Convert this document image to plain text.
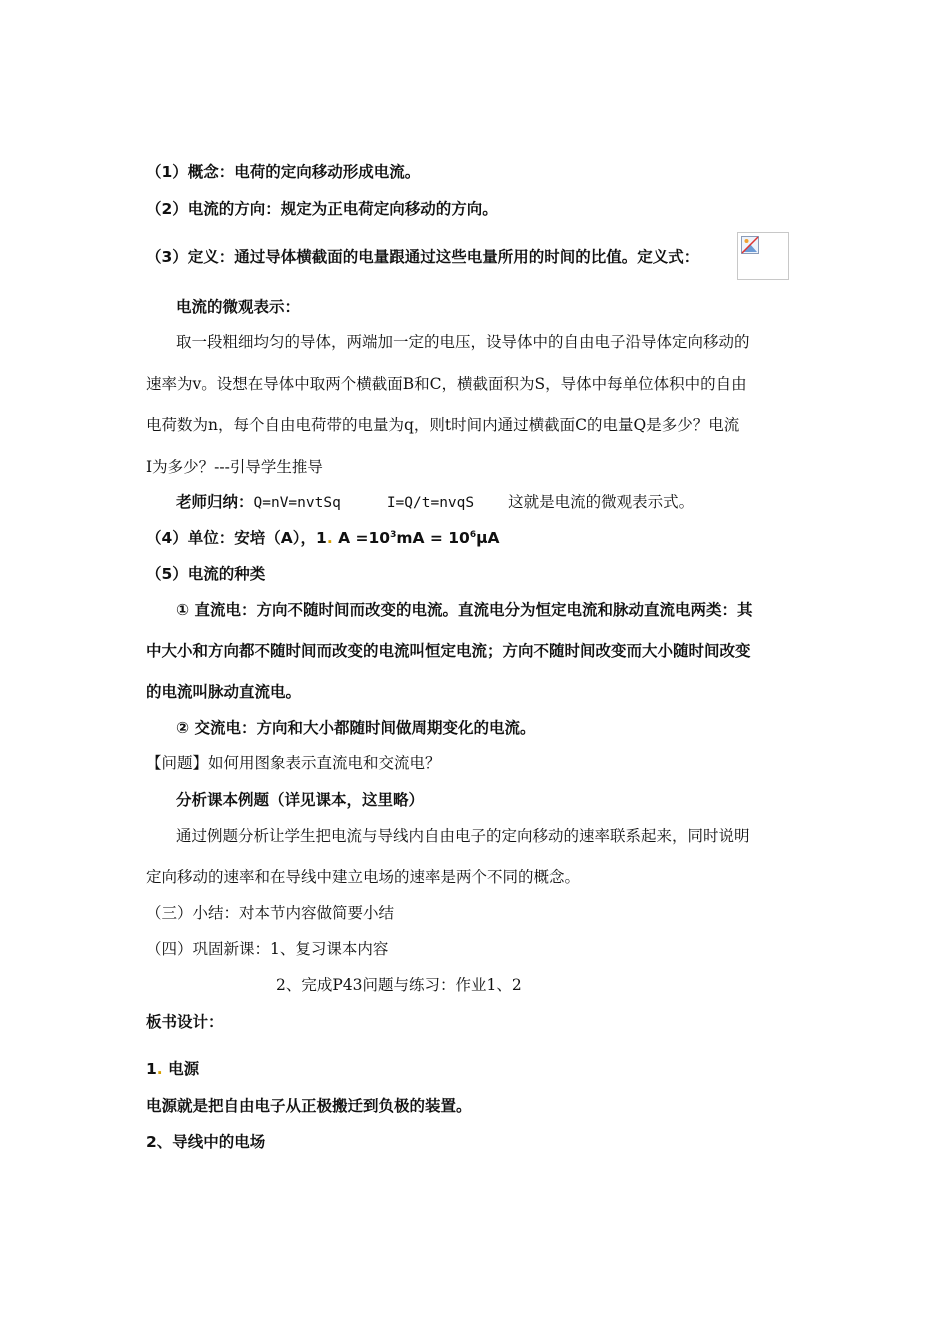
（1）概念：电荷的定向移动形成电流。
（2）电流的方向：规定为正电荷定向移动的方向。
（3）定义：通过导体横截面的电量跟通过这些电量所用的时间的比值。定义式：
电流的微观表示：
取一段粗细均匀的导体，两端加一定的电压，设导体中的自由电子沿导体定向移动的
速率为v。设想在导体中取两个横截面B和C，横截面积为S，导体中每单位体积中的自由
电荷数为n，每个自由电荷带的电量为q，则t时间内通过横截面C的电量Q是多少？电流
I为多少？---引导学生推导
老师归纳：Q=nV=nvtSq	I=Q/t=nvqS 这就是电流的微观表示式。
（4）单位：安培（A），1. $A =10^3mA = 10^6\mu A$
（5）电流的种类
① 直流电：方向不随时间而改变的电流。直流电分为恒定电流和脉动直流电两类：其
中大小和方向都不随时间而改变的电流叫恒定电流；方向不随时间改变而大小随时间改变
的电流叫脉动直流电。
② 交流电：方向和大小都随时间做周期变化的电流。
【问题】如何用图象表示直流电和交流电？
分析课本例题（详见课本，这里略）
通过例题分析让学生把电流与导线内自由电子的定向移动的速率联系起来，同时说明
定向移动的速率和在导线中建立电场的速率是两个不同的概念。
（三）小结：对本节内容做简要小结
（四）巩固新课：1、复习课本内容
2、完成P43问题与练习：作业1、2
板书设计：
1. 电源
电源就是把自由电子从正极搬迁到负极的装置。
2、导线中的电场
